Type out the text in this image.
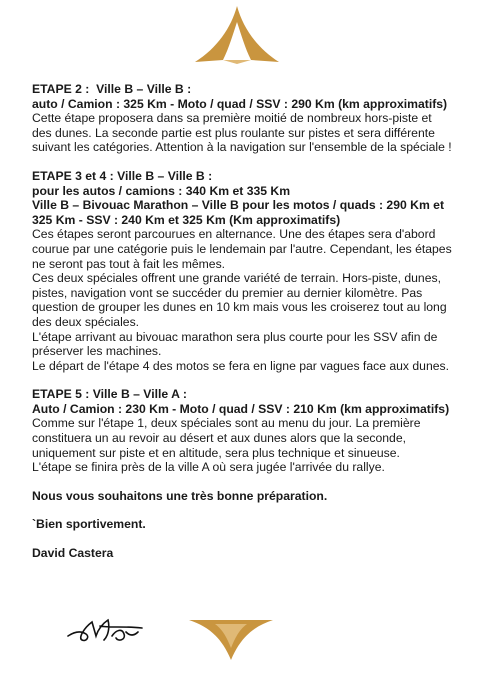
ETAPE 2 :  Ville B – Ville B :
auto / Camion : 325 Km - Moto / quad / SSV : 290 Km (km approximatifs)
Cette étape proposera dans sa première moitié de nombreux hors-piste et des dunes. La seconde partie est plus roulante sur pistes et sera différente suivant les catégories. Attention à la navigation sur l'ensemble de la spéciale !
ETAPE 3 et 4 : Ville B – Ville B :
pour les autos / camions : 340 Km et 335 Km
Ville B – Bivouac Marathon – Ville B pour les motos / quads : 290 Km et 325 Km - SSV : 240 Km et 325 Km (Km approximatifs)
Ces étapes seront parcourues en alternance. Une des étapes sera d'abord courue par une catégorie puis le lendemain par l'autre. Cependant, les étapes ne seront pas tout à fait les mêmes.
Ces deux spéciales offrent une grande variété de terrain. Hors-piste, dunes, pistes, navigation vont se succéder du premier au dernier kilomètre. Pas question de grouper les dunes en 10 km mais vous les croiserez tout au long des deux spéciales.
L'étape arrivant au bivouac marathon sera plus courte pour les SSV afin de préserver les machines.
Le départ de l'étape 4 des motos se fera en ligne par vagues face aux dunes.
ETAPE 5 : Ville B – Ville A :
Auto / Camion : 230 Km - Moto / quad / SSV : 210 Km (km approximatifs)
Comme sur l'étape 1, deux spéciales sont au menu du jour. La première constituera un au revoir au désert et aux dunes alors que la seconde, uniquement sur piste et en altitude, sera plus technique et sinueuse.
L'étape se finira près de la ville A où sera jugée l'arrivée du rallye.
Nous vous souhaitons une très bonne préparation.
`Bien sportivement.
David Castera
